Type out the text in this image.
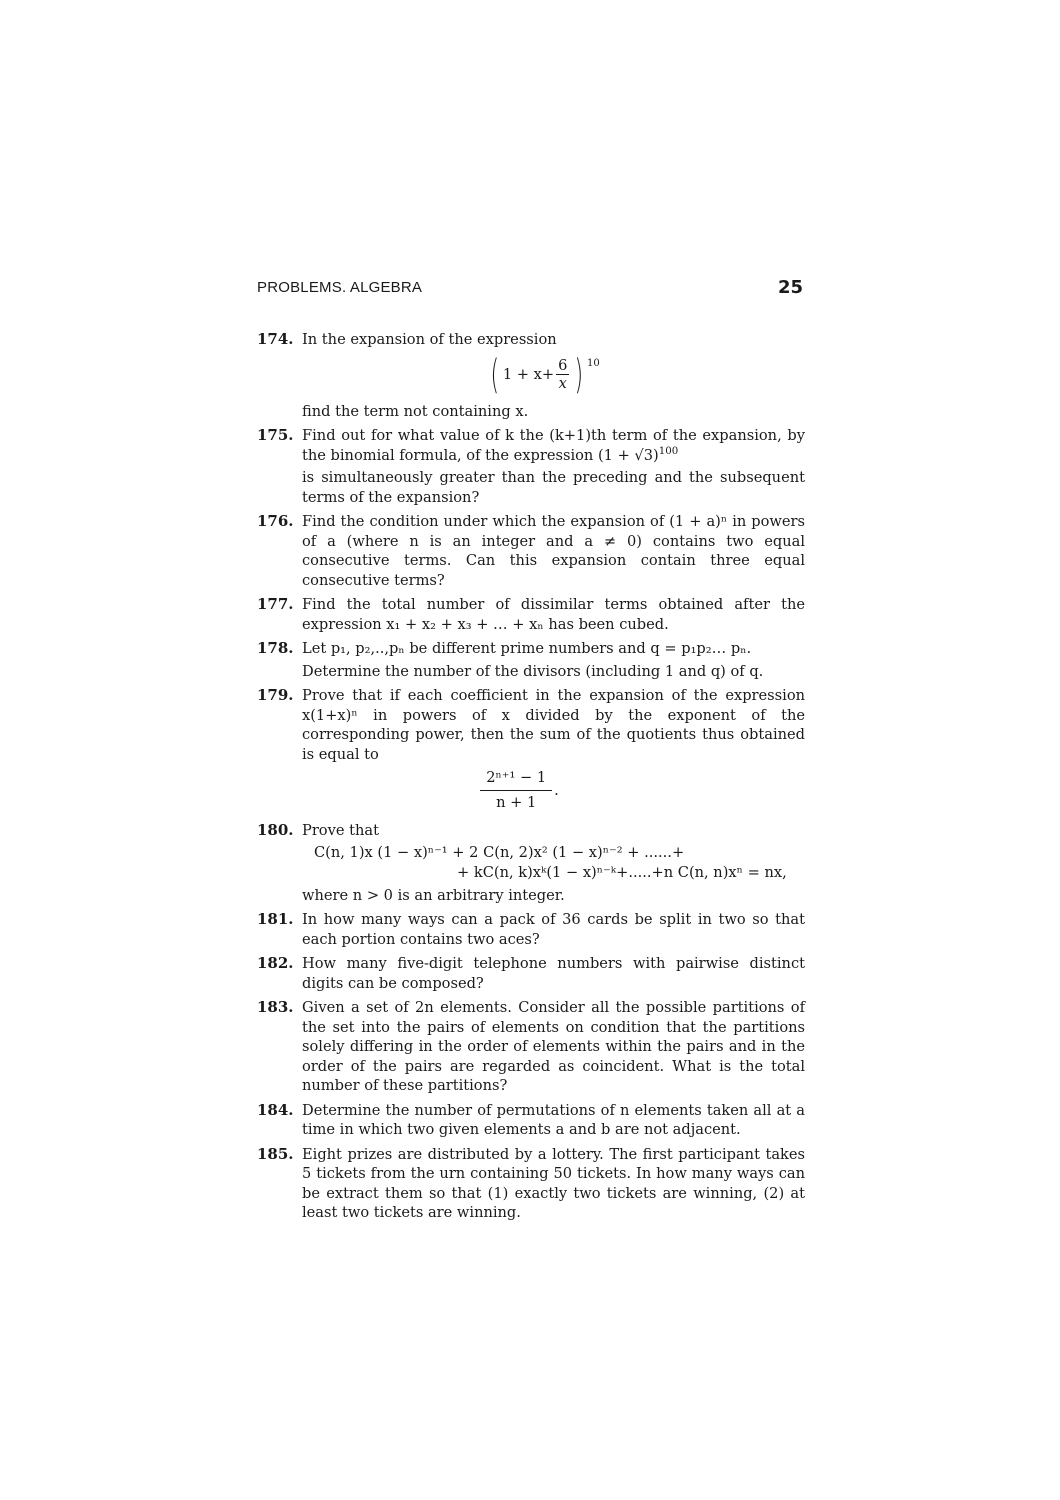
PROBLEMS. ALGEBRA	25
174. In the expansion of the expression

( $1 + x+ \frac{6}{x}$ ) 10

find the term not containing x.

175. Find out for what value of k the (k+1)th term of the expansion, by the binomial formula, of the expression $(1 + √3)^{100}$

is simultaneously greater than the preceding and the subsequent terms of the expansion?

176. Find the condition under which the expansion of (1 + a)ⁿ in powers of a (where n is an integer and a ≠ 0) contains two equal consecutive terms. Can this expansion contain three equal consecutive terms?

177. Find the total number of dissimilar terms obtained after the expression x₁ + x₂ + x₃ + … + xₙ has been cubed.

178. Let p₁, p₂,..,pₙ be different prime numbers and q = p₁p₂… pₙ.

Determine the number of the divisors (including 1 and q) of q.

179. Prove that if each coefficient in the expansion of the expression x(1+x)ⁿ in powers of x divided by the exponent of the corresponding power, then the sum of the quotients thus obtained is equal to

$\frac{\text{2ⁿ⁺¹ − 1}}{n + 1}$ .
180. Prove that

C(n, 1)x (1 − x)ⁿ⁻¹ + 2 C(n, 2)x² (1 − x)ⁿ⁻² + ......+

+ kC(n, k)xᵏ(1 − x)ⁿ⁻ᵏ+.....+n C(n, n)xⁿ = nx,

where n > 0 is an arbitrary integer.

181. In how many ways can a pack of 36 cards be split in two so that each portion contains two aces?

182. How many five-digit telephone numbers with pairwise distinct digits can be composed?

183. Given a set of 2n elements. Consider all the possible partitions of the set into the pairs of elements on condition that the partitions solely differing in the order of elements within the pairs and in the order of the pairs are regarded as coincident. What is the total number of these partitions?

184. Determine the number of permutations of n elements taken all at a time in which two given elements a and b are not adjacent.

185. Eight prizes are distributed by a lottery. The first participant takes 5 tickets from the urn containing 50 tickets. In how many ways can be extract them so that (1) exactly two tickets are winning, (2) at least two tickets are winning.
